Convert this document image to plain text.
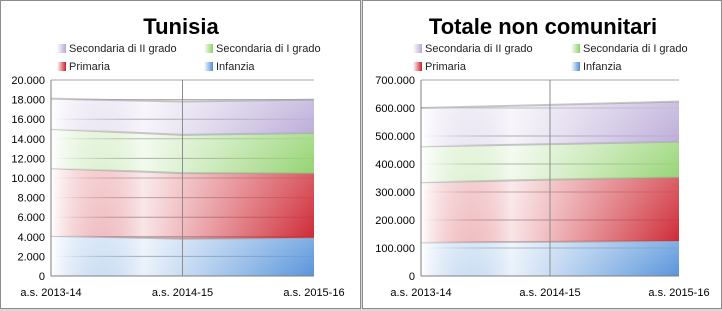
Tunisia
0
2.000
4.000
6.000
8.000
10.000
12.000
14.000
16.000
18.000
20.000
a.s. 2013-14	a.s. 2014-15	a.s. 2015-16
Secondaria di II grado	Secondaria di I grado
Primaria	Infanzia
Totale non comunitari
0
100.000
200.000
300.000
400.000
500.000
600.000
700.000
a.s. 2013-14	a.s. 2014-15	a.s. 2015-16
Secondaria di II grado	Secondaria di I grado
Primaria	Infanzia
